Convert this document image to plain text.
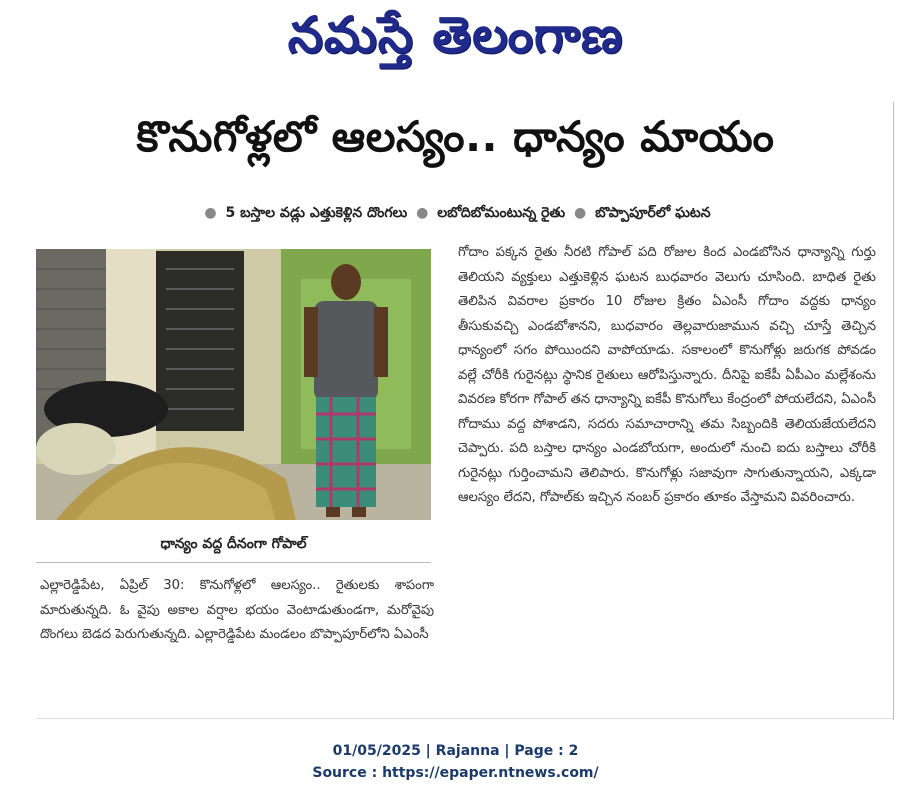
నమస్తే తెలంగాణ
కొనుగోళ్లలో ఆలస్యం.. ధాన్యం మాయం
● 5 బస్తాల వడ్లు ఎత్తుకెళ్లిన దొంగలు ● లబోదిబోమంటున్న రైతు ● బొప్పాపూర్‌లో ఘటన
ధాన్యం వద్ద దీనంగా గోపాల్
ఎల్లారెడ్డిపేట, ఏప్రిల్ 30: కొనుగోళ్లలో ఆలస్యం.. రైతులకు శాపంగా మారుతున్నది. ఓ వైపు అకాల వర్షాల భయం వెంటాడుతుండగా, మరోవైపు దొంగలు బెడద పెరుగుతున్నది. ఎల్లారెడ్డిపేట మండలం బొప్పాపూర్‌లోని ఏఎంసీ
గోదాం పక్కన రైతు నీరటి గోపాల్ పది రోజుల కింద ఎండబోసిన ధాన్యాన్ని గుర్తు తెలియని వ్యక్తులు ఎత్తుకెళ్లిన ఘటన బుధవారం వెలుగు చూసింది. బాధిత రైతు తెలిపిన వివరాల ప్రకారం 10 రోజుల క్రితం ఏఎంసీ గోదాం వద్దకు ధాన్యం తీసుకువచ్చి ఎండబోశానని, బుధవారం తెల్లవారుజామున వచ్చి చూస్తే తెచ్చిన ధాన్యంలో సగం పోయిందని వాపోయాడు. సకాలంలో కొనుగోళ్లు జరుగక పోవడం వల్లే చోరీకి గురైనట్లు స్థానిక రైతులు ఆరోపిస్తున్నారు. దీనిపై ఐకేపీ ఏపీఎం మల్లేశంను వివరణ కోరగా గోపాల్ తన ధాన్యాన్ని ఐకేపీ కొనుగోలు కేంద్రంలో పోయలేదని, ఏఎంసీ గోదాము వద్ద పోశాడని, సదరు సమాచారాన్ని తమ సిబ్బందికి తెలియజేయలేదని చెప్పారు. పది బస్తాల ధాన్యం ఎండబోయగా, అందులో నుంచి ఐదు బస్తాలు చోరీకి గురైనట్లు గుర్తించామని తెలిపారు. కొనుగోళ్లు సజావుగా సాగుతున్నాయని, ఎక్కడా ఆలస్యం లేదని, గోపాల్‌కు ఇచ్చిన నంబర్ ప్రకారం తూకం వేస్తామని వివరించారు.
01/05/2025 | Rajanna | Page : 2
Source : https://epaper.ntnews.com/
